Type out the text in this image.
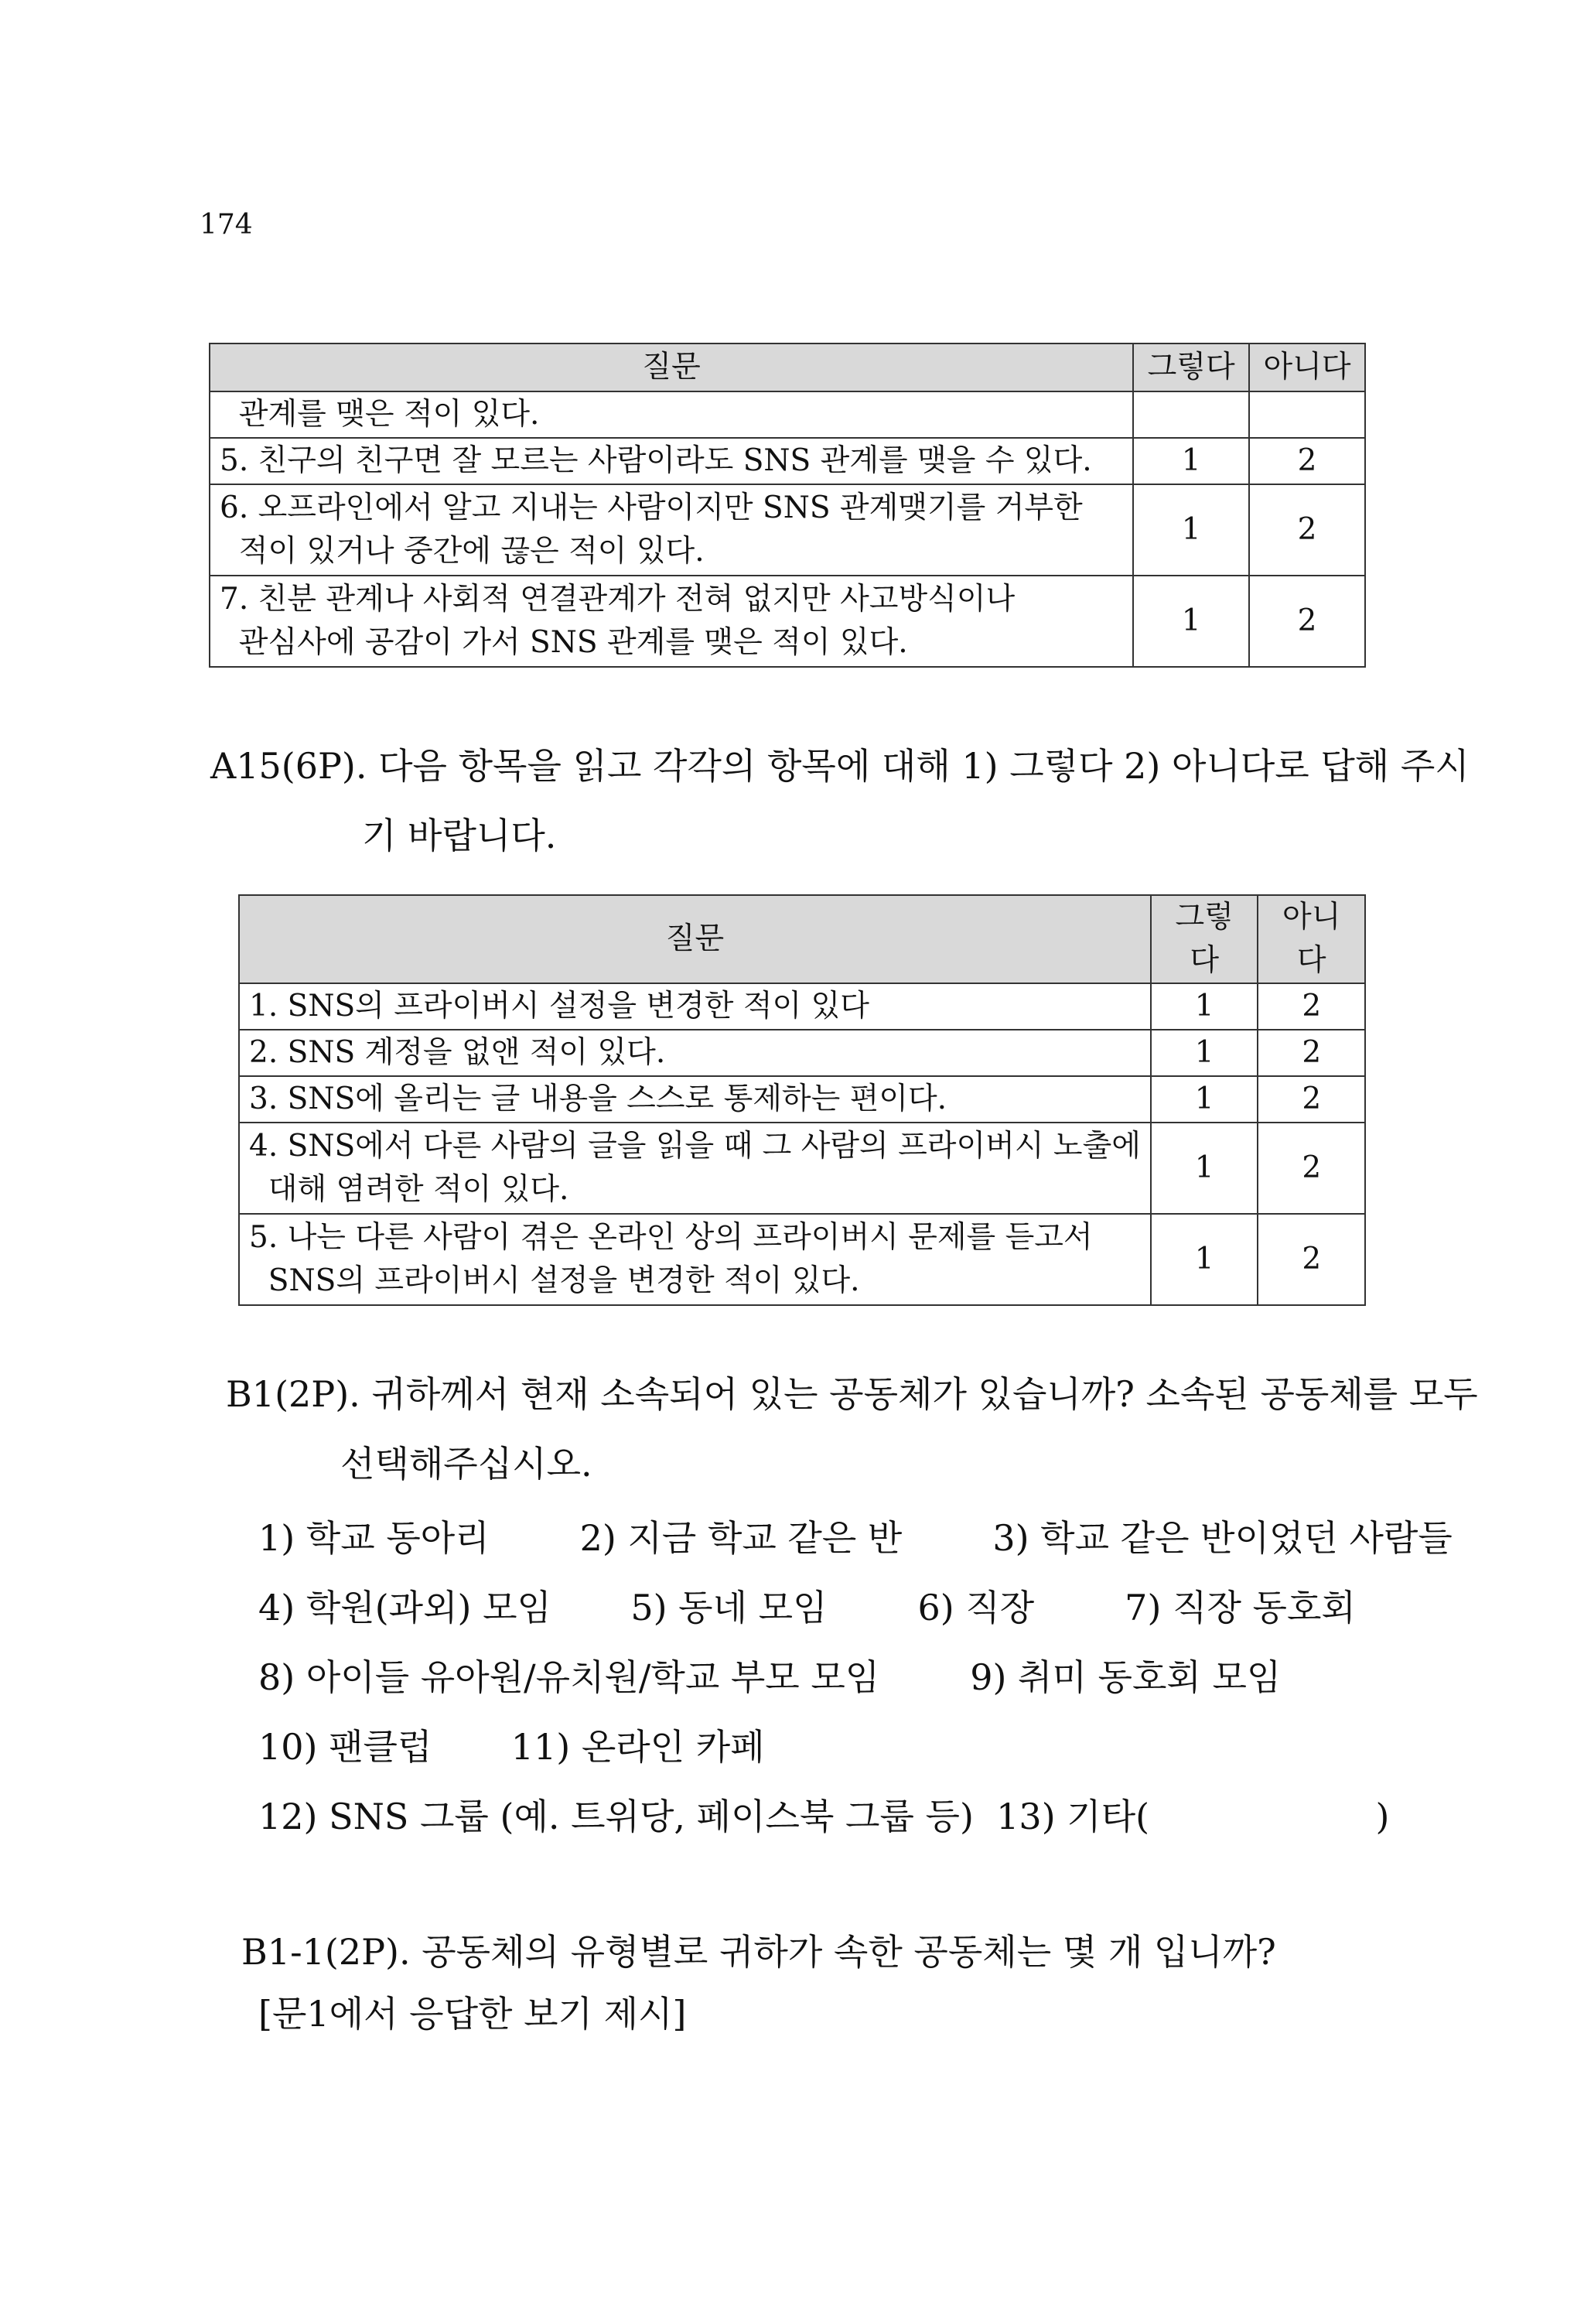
174
질문	그렇다	아니다
관계를 맺은 적이 있다.		
5. 친구의 친구면 잘 모르는 사람이라도 SNS 관계를 맺을 수 있다.	1	2
6. 오프라인에서 알고 지내는 사람이지만 SNS 관계맺기를 거부한
적이 있거나 중간에 끊은 적이 있다.	1	2
7. 친분 관계나 사회적 연결관계가 전혀 없지만 사고방식이나
관심사에 공감이 가서 SNS 관계를 맺은 적이 있다.	1	2
A15(6P). 다음 항목을 읽고 각각의 항목에 대해 1) 그렇다 2) 아니다로 답해 주시
기 바랍니다.
질문	그렇다	아니다
1. SNS의 프라이버시 설정을 변경한 적이 있다	1	2
2. SNS 계정을 없앤 적이 있다.	1	2
3. SNS에 올리는 글 내용을 스스로 통제하는 편이다.	1	2
4. SNS에서 다른 사람의 글을 읽을 때 그 사람의 프라이버시 노출에
대해 염려한 적이 있다.	1	2
5. 나는 다른 사람이 겪은 온라인 상의 프라이버시 문제를 듣고서
SNS의 프라이버시 설정을 변경한 적이 있다.	1	2
B1(2P). 귀하께서 현재 소속되어 있는 공동체가 있습니까? 소속된 공동체를 모두
선택해주십시오.
1) 학교 동아리        2) 지금 학교 같은 반        3) 학교 같은 반이었던 사람들
4) 학원(과외) 모임       5) 동네 모임        6) 직장        7) 직장 동호회
8) 아이들 유아원/유치원/학교 부모 모임        9) 취미 동호회 모임
10) 팬클럽       11) 온라인 카페
12) SNS 그룹 (예. 트위당, 페이스북 그룹 등)  13) 기타(                    )
B1-1(2P). 공동체의 유형별로 귀하가 속한 공동체는 몇 개 입니까?
[문1에서 응답한 보기 제시]
